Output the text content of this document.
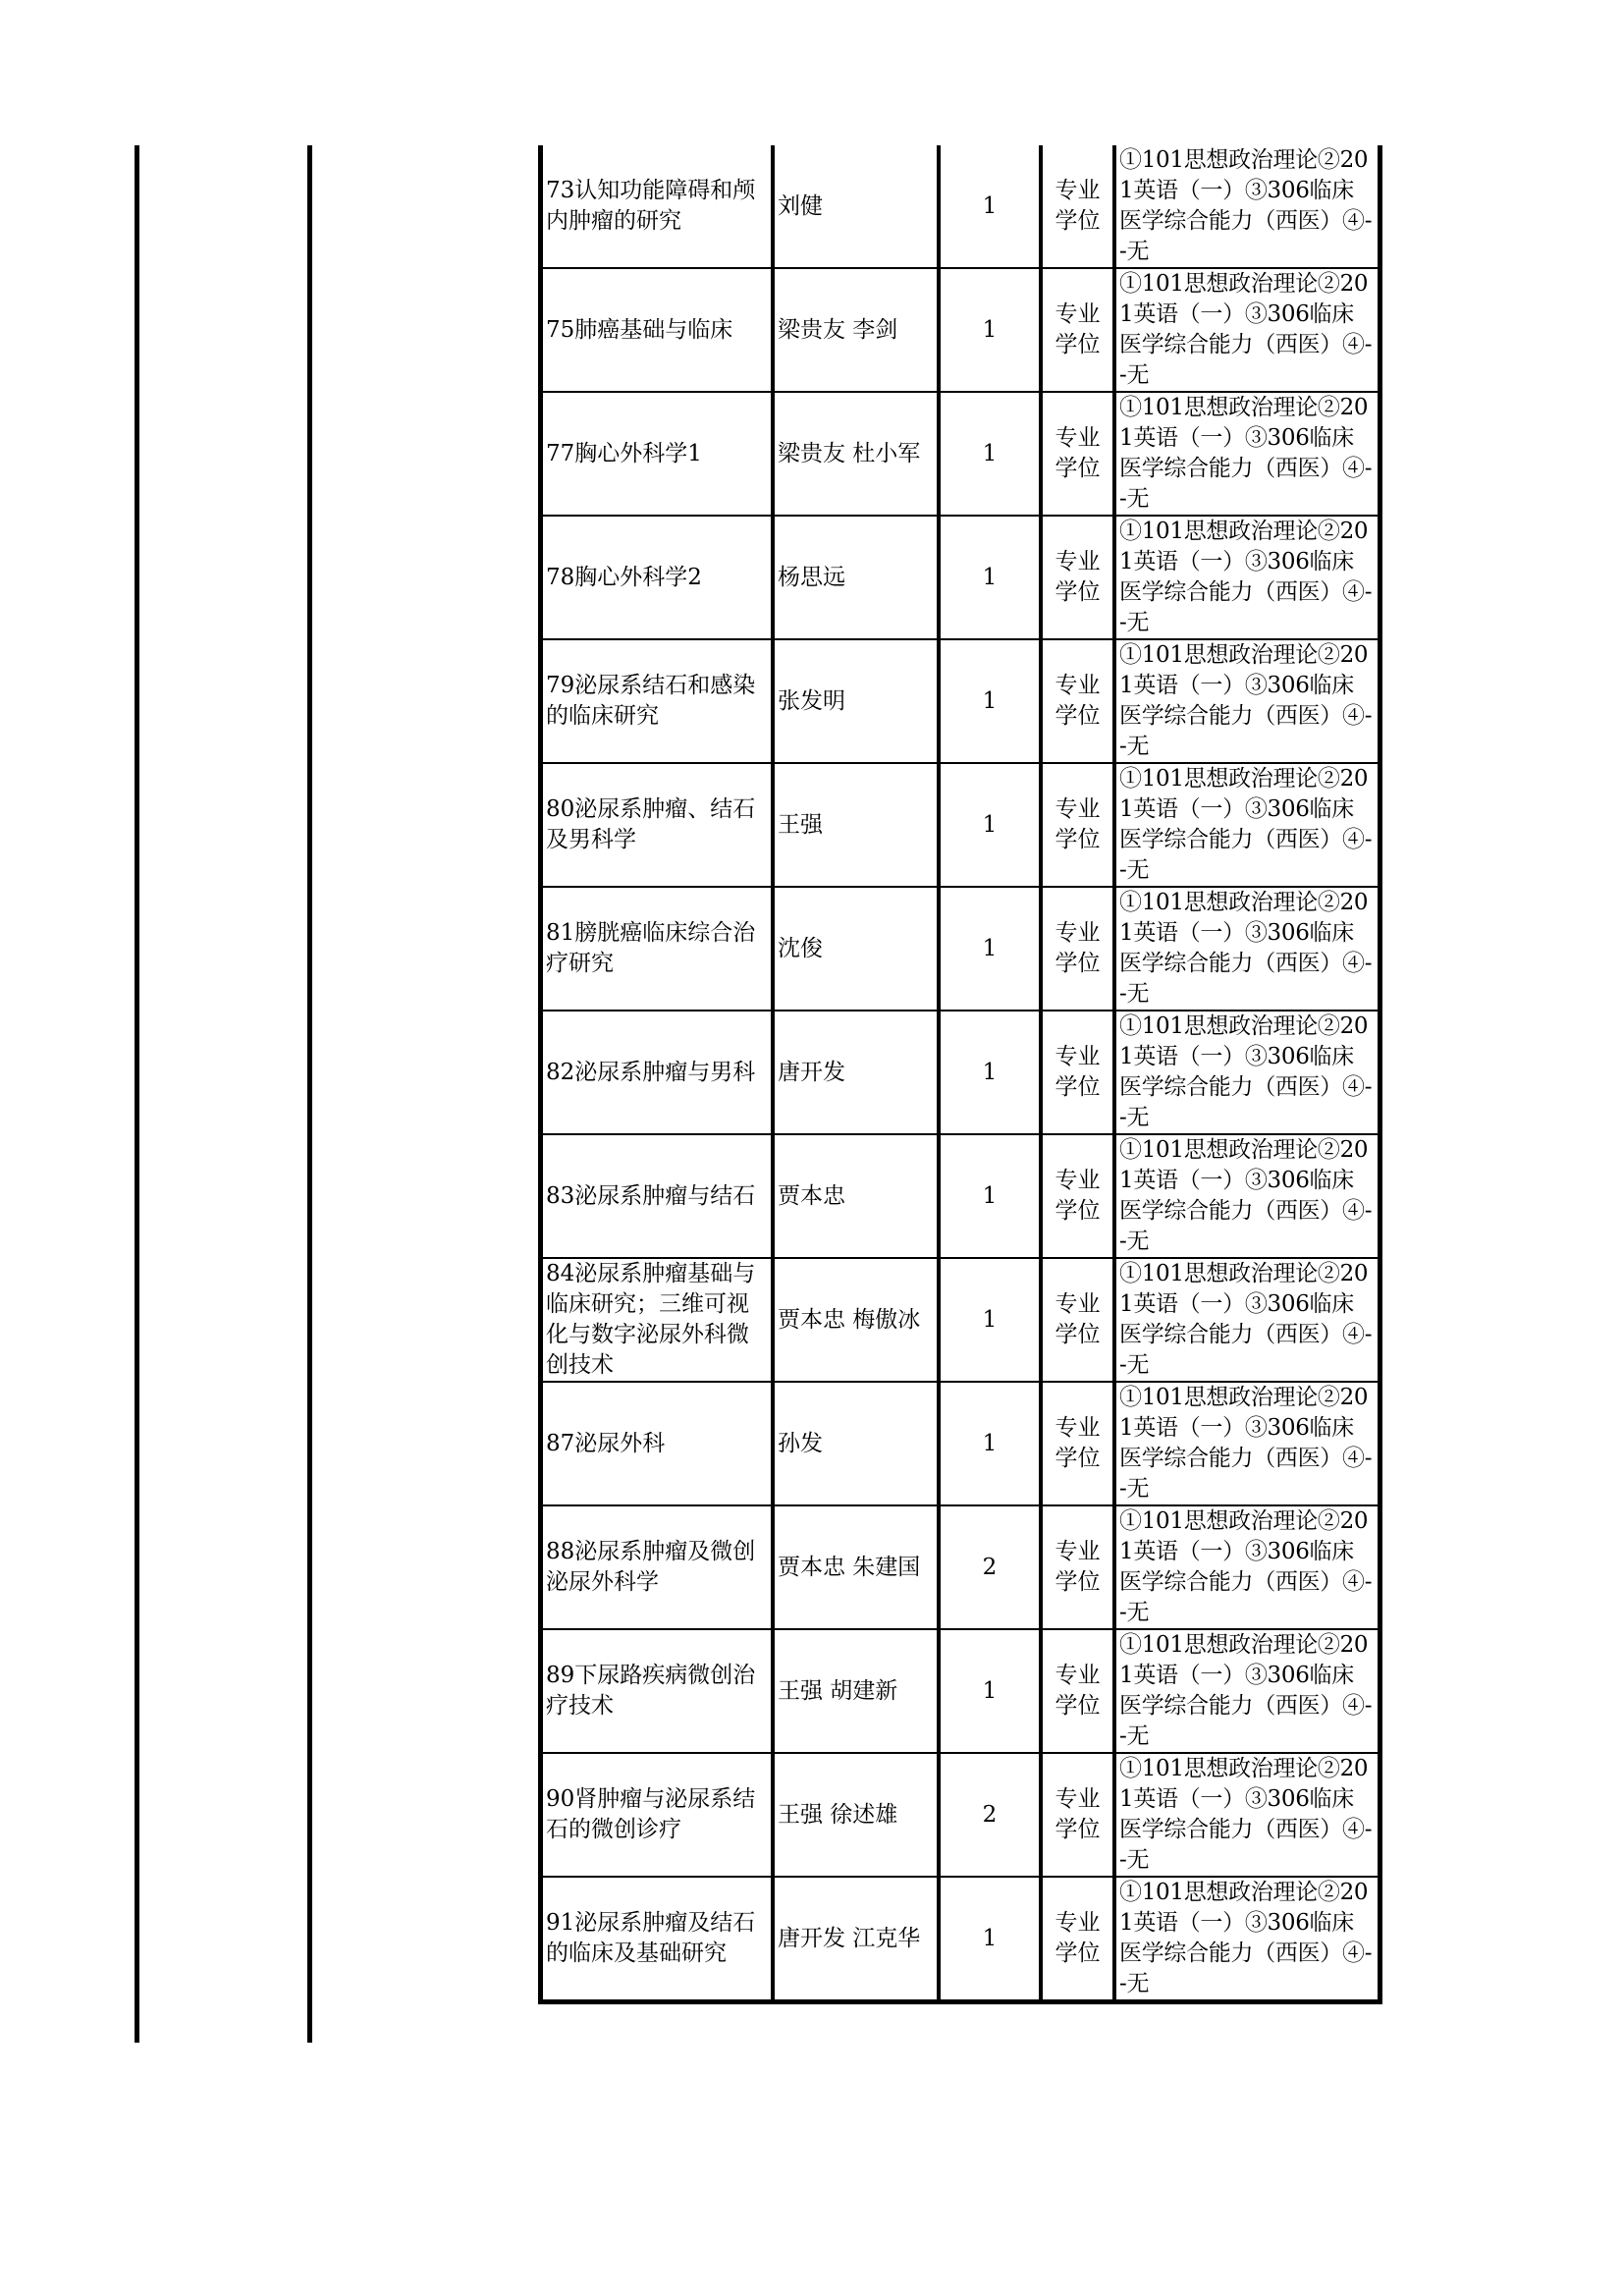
73认知功能障碍和颅内肿瘤的研究	刘健	1	专业学位	①101思想政治理论②201英语（一）③306临床医学综合能力（西医）④--无

75肺癌基础与临床	梁贵友 李剑	1	专业学位	①101思想政治理论②201英语（一）③306临床医学综合能力（西医）④--无

77胸心外科学1	梁贵友 杜小军	1	专业学位	①101思想政治理论②201英语（一）③306临床医学综合能力（西医）④--无

78胸心外科学2	杨思远	1	专业学位	①101思想政治理论②201英语（一）③306临床医学综合能力（西医）④--无

79泌尿系结石和感染的临床研究	张发明	1	专业学位	①101思想政治理论②201英语（一）③306临床医学综合能力（西医）④--无

80泌尿系肿瘤、结石及男科学	王强	1	专业学位	①101思想政治理论②201英语（一）③306临床医学综合能力（西医）④--无

81膀胱癌临床综合治疗研究	沈俊	1	专业学位	①101思想政治理论②201英语（一）③306临床医学综合能力（西医）④--无

82泌尿系肿瘤与男科	唐开发	1	专业学位	①101思想政治理论②201英语（一）③306临床医学综合能力（西医）④--无

83泌尿系肿瘤与结石	贾本忠	1	专业学位	①101思想政治理论②201英语（一）③306临床医学综合能力（西医）④--无

84泌尿系肿瘤基础与临床研究；三维可视化与数字泌尿外科微创技术	贾本忠 梅傲冰	1	专业学位	①101思想政治理论②201英语（一）③306临床医学综合能力（西医）④--无

87泌尿外科	孙发	1	专业学位	①101思想政治理论②201英语（一）③306临床医学综合能力（西医）④--无

88泌尿系肿瘤及微创泌尿外科学	贾本忠 朱建国	2	专业学位	①101思想政治理论②201英语（一）③306临床医学综合能力（西医）④--无

89下尿路疾病微创治疗技术	王强 胡建新	1	专业学位	①101思想政治理论②201英语（一）③306临床医学综合能力（西医）④--无

90肾肿瘤与泌尿系结石的微创诊疗	王强 徐述雄	2	专业学位	①101思想政治理论②201英语（一）③306临床医学综合能力（西医）④--无

91泌尿系肿瘤及结石的临床及基础研究	唐开发 江克华	1	专业学位	①101思想政治理论②201英语（一）③306临床医学综合能力（西医）④--无
